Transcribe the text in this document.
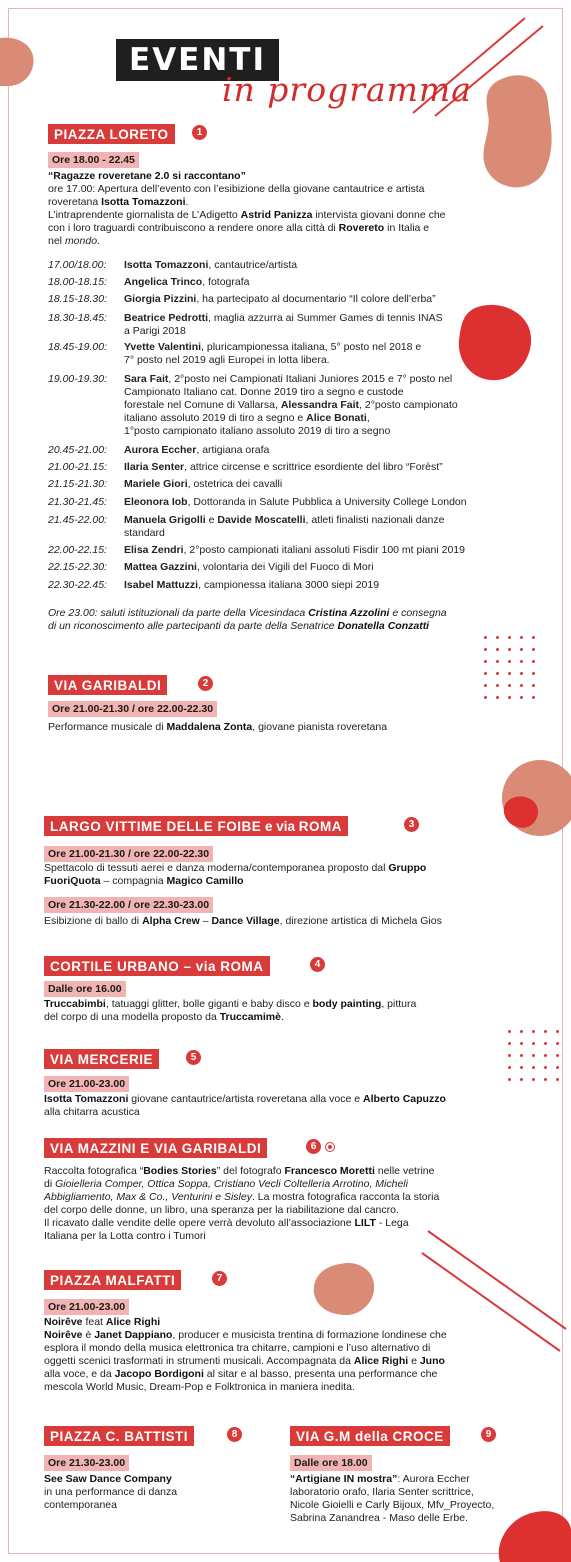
EVENTI
in programma
PIAZZA LORETO	1
Ore 18.00 - 22.45
“Ragazze roveretane 2.0 si raccontano”
ore 17.00: Apertura dell’evento con l’esibizione della giovane cantautrice e artista
roveretana Isotta Tomazzoni.
L’intraprendente giornalista de L’Adigetto Astrid Panizza intervista giovani donne che
con i loro traguardi contribuiscono a rendere onore alla città di Rovereto in Italia e
nel mondo.
17.00/18.00: Isotta Tomazzoni, cantautrice/artista
18.00-18.15: Angelica Trinco, fotografa
18.15-18.30: Giorgia Pizzini, ha partecipato al documentario “Il colore dell’erba”
18.30-18.45: Beatrice Pedrotti, maglia azzurra ai Summer Games di tennis INAS
a Parigi 2018
18.45-19.00: Yvette Valentini, pluricampionessa italiana, 5° posto nel 2018 e
7° posto nel 2019 agli Europei in lotta libera.
19.00-19.30: Sara Fait, 2°posto nei Campionati Italiani Juniores 2015 e 7° posto nel
Campionato Italiano cat. Donne 2019 tiro a segno e custode
forestale nel Comune di Vallarsa, Alessandra Fait, 2°posto campionato
italiano assoluto 2019 di tiro a segno e Alice Bonati,
1°posto campionato italiano assoluto 2019 di tiro a segno
20.45-21.00: Aurora Eccher, artigiana orafa
21.00-21.15: Ilaria Senter, attrice circense e scrittrice esordiente del libro “Forèst”
21.15-21.30: Mariele Giori, ostetrica dei cavalli
21.30-21.45: Eleonora Iob, Dottoranda in Salute Pubblica a University College London
21.45-22.00: Manuela Grigolli e Davide Moscatelli, atleti finalisti nazionali danze
standard
22.00-22.15: Elisa Zendri, 2°posto campionati italiani assoluti Fisdir 100 mt piani 2019
22.15-22.30: Mattea Gazzini, volontaria dei Vigili del Fuoco di Mori
22.30-22.45: Isabel Mattuzzi, campionessa italiana 3000 siepi 2019
Ore 23.00: saluti istituzionali da parte della Vicesindaca Cristina Azzolini e consegna
di un riconoscimento alle partecipanti da parte della Senatrice Donatella Conzatti
VIA GARIBALDI	2
Ore 21.00-21.30 / ore 22.00-22.30
Performance musicale di Maddalena Zonta, giovane pianista roveretana
LARGO VITTIME DELLE FOIBE e via ROMA	3
Ore 21.00-21.30 / ore 22.00-22.30
Spettacolo di tessuti aerei e danza moderna/contemporanea proposto dal Gruppo
FuoriQuota – compagnia Magico Camillo
Ore 21.30-22.00 / ore 22.30-23.00
Esibizione di ballo di Alpha Crew – Dance Village, direzione artistica di Michela Gios
CORTILE URBANO – via ROMA	4
Dalle ore 16.00
Truccabimbi, tatuaggi glitter, bolle giganti e baby disco e body painting, pittura
del corpo di una modella proposto da Truccamimè.
VIA MERCERIE	5
Ore 21.00-23.00
Isotta Tomazzoni giovane cantautrice/artista roveretana alla voce e Alberto Capuzzo
alla chitarra acustica
VIA MAZZINI E VIA GARIBALDI	6
Raccolta fotografica “Bodies Stories” del fotografo Francesco Moretti nelle vetrine
di Gioielleria Comper, Ottica Soppa, Cristiano Vecli Coltelleria Arrotino, Micheli
Abbigliamento, Max & Co., Venturini e Sisley. La mostra fotografica racconta la storia
del corpo delle donne, un libro, una speranza per la riabilitazione dal cancro.
Il ricavato dalle vendite delle opere verrà devoluto all’associazione LILT - Lega
Italiana per la Lotta contro i Tumori
PIAZZA MALFATTI	7
Ore 21.00-23.00
Noirêve feat Alice Righi
Noirêve è Janet Dappiano, producer e musicista trentina di formazione londinese che
esplora il mondo della musica elettronica tra chitarre, campioni e l’uso alternativo di
oggetti scenici trasformati in strumenti musicali. Accompagnata da Alice Righi e Juno
alla voce, e da Jacopo Bordigoni al sitar e al basso, presenta una performance che
mescola World Music, Dream-Pop e Folktronica in maniera inedita.
PIAZZA C. BATTISTI	8
Ore 21.30-23.00
See Saw Dance Company
in una performance di danza
contemporanea
VIA G.M della CROCE	9
Dalle ore 18.00
“Artigiane IN mostra”: Aurora Eccher
laboratorio orafo, Ilaria Senter scrittrice,
Nicole Gioielli e Carly Bijoux, Mfv_Proyecto,
Sabrina Zanandrea - Maso delle Erbe.
